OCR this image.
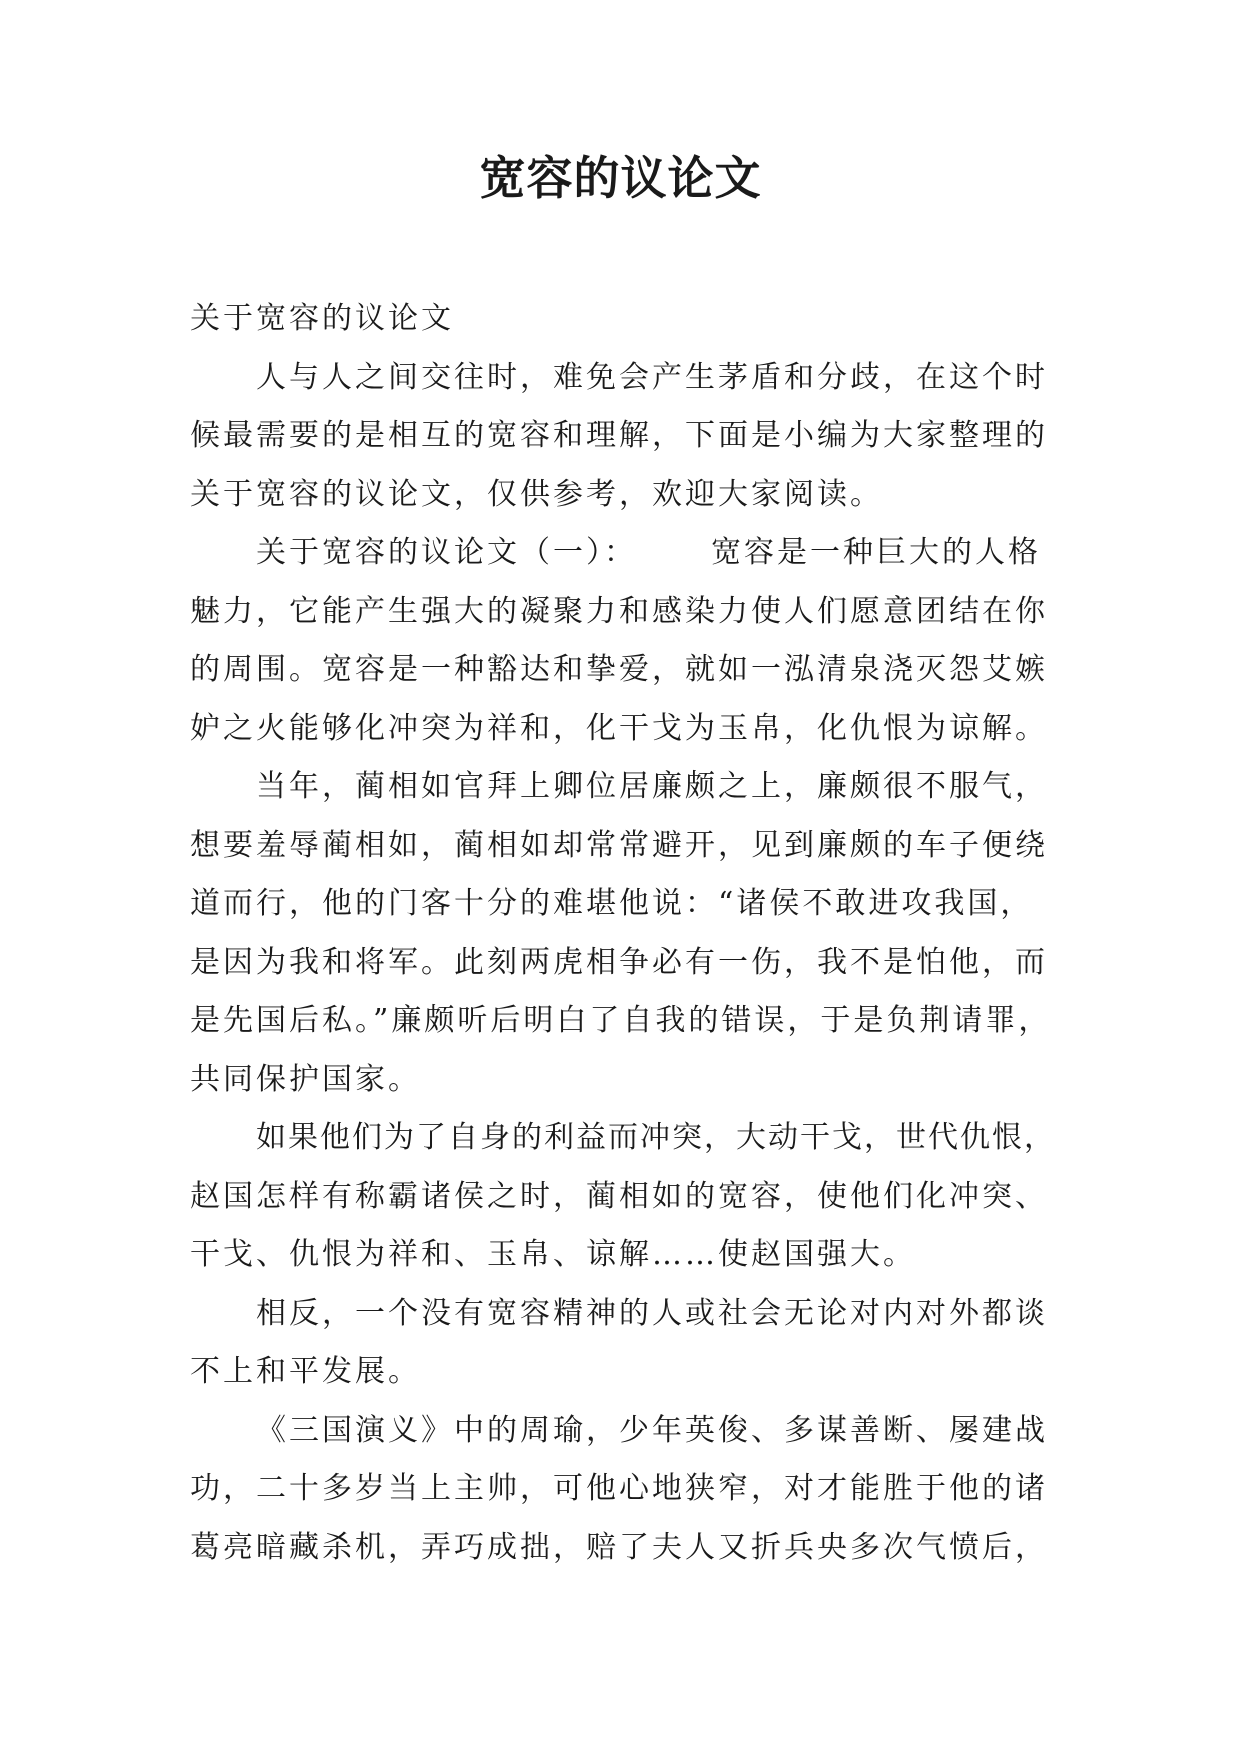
宽容的议论文
关于宽容的议论文
人与人之间交往时，难免会产生茅盾和分歧，在这个时
候最需要的是相互的宽容和理解，下面是小编为大家整理的
关于宽容的议论文，仅供参考，欢迎大家阅读。
关于宽容的议论文（一）： 宽容是一种巨大的人格
魅力，它能产生强大的凝聚力和感染力使人们愿意团结在你
的周围。宽容是一种豁达和挚爱，就如一泓清泉浇灭怨艾嫉
妒之火能够化冲突为祥和，化干戈为玉帛，化仇恨为谅解。
当年，蔺相如官拜上卿位居廉颇之上，廉颇很不服气，
想要羞辱蔺相如，蔺相如却常常避开，见到廉颇的车子便绕
道而行，他的门客十分的难堪他说：“诸侯不敢进攻我国，
是因为我和将军。此刻两虎相争必有一伤，我不是怕他，而
是先国后私。”廉颇听后明白了自我的错误，于是负荆请罪，
共同保护国家。
如果他们为了自身的利益而冲突，大动干戈，世代仇恨，
赵国怎样有称霸诸侯之时，蔺相如的宽容，使他们化冲突、
干戈、仇恨为祥和、玉帛、谅解……使赵国强大。
相反，一个没有宽容精神的人或社会无论对内对外都谈
不上和平发展。
《三国演义》中的周瑜，少年英俊、多谋善断、屡建战
功，二十多岁当上主帅，可他心地狭窄，对才能胜于他的诸
葛亮暗藏杀机，弄巧成拙，赔了夫人又折兵央多次气愤后，
